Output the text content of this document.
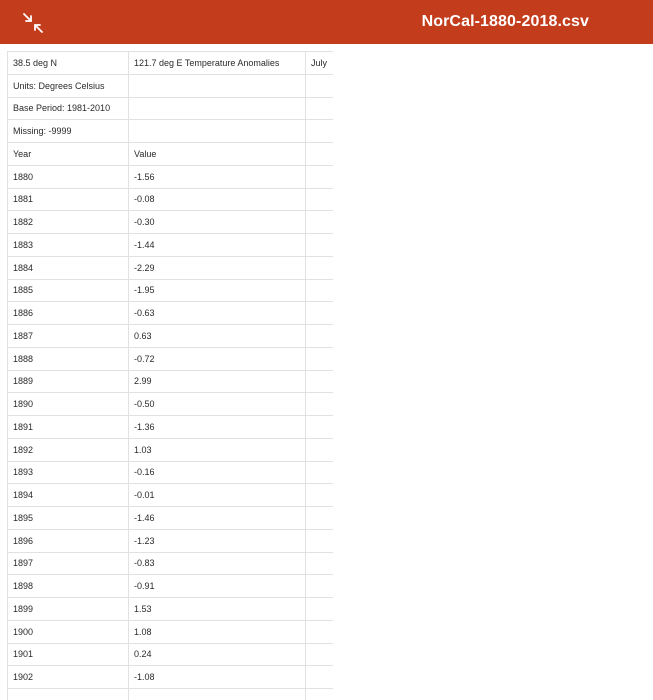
NorCal-1880-2018.csv
38.5 deg N	121.7 deg E Temperature Anomalies	July
Units: Degrees Celsius		
Base Period: 1981-2010		
Missing: -9999		
Year	Value	
1880	-1.56	
1881	-0.08	
1882	-0.30	
1883	-1.44	
1884	-2.29	
1885	-1.95	
1886	-0.63	
1887	0.63	
1888	-0.72	
1889	2.99	
1890	-0.50	
1891	-1.36	
1892	1.03	
1893	-0.16	
1894	-0.01	
1895	-1.46	
1896	-1.23	
1897	-0.83	
1898	-0.91	
1899	1.53	
1900	1.08	
1901	0.24	
1902	-1.08	
